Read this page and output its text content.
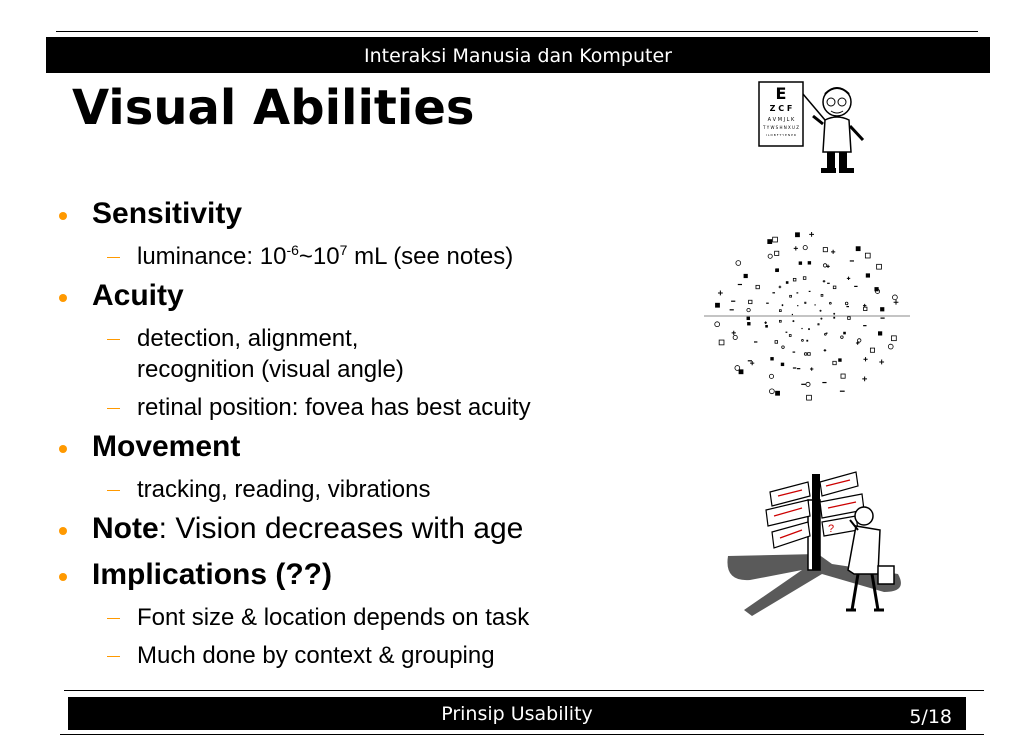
Interaksi Manusia dan Komputer
Visual Abilities
Sensitivity
luminance: $10^{-6}\sim 10^7$ mL (see notes)
Acuity
detection, alignment,
recognition (visual angle)
retinal position: fovea has best acuity
Movement
tracking, reading, vibrations
Note: Vision decreases with age
Implications (??)
Font size & location depends on task
Much done by context & grouping
E
Z C F
A V M J L K
T Y W S H N X U Z
I L D B F T Y E N P R
?
Prinsip Usability	5/18
